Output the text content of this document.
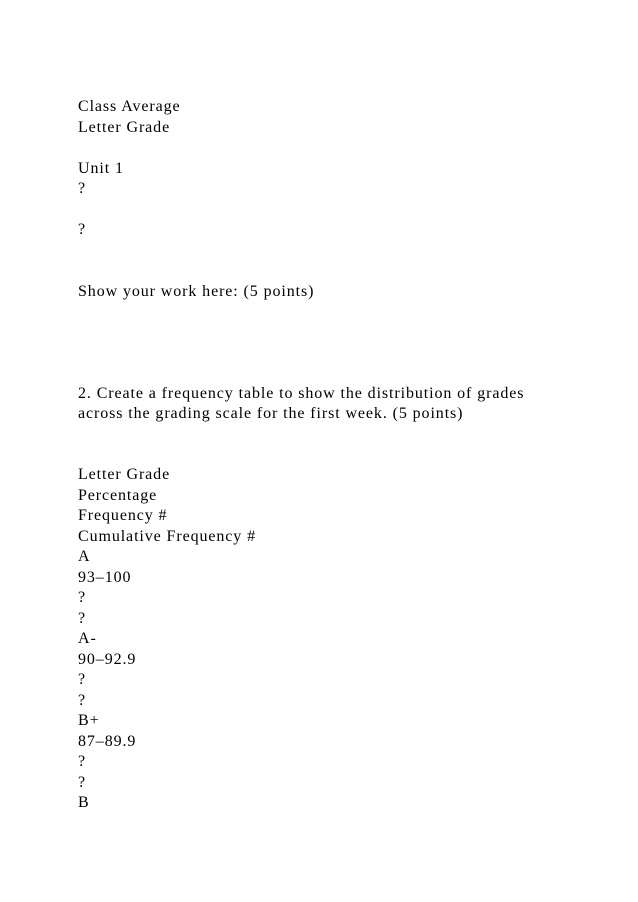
Class Average
Letter Grade
Unit 1
?
?
Show your work here: (5 points)
2. Create a frequency table to show the distribution of grades
across the grading scale for the first week. (5 points)
Letter Grade
Percentage
Frequency #
Cumulative Frequency #
A
93–100
?
?
A-
90–92.9
?
?
B+
87–89.9
?
?
B
